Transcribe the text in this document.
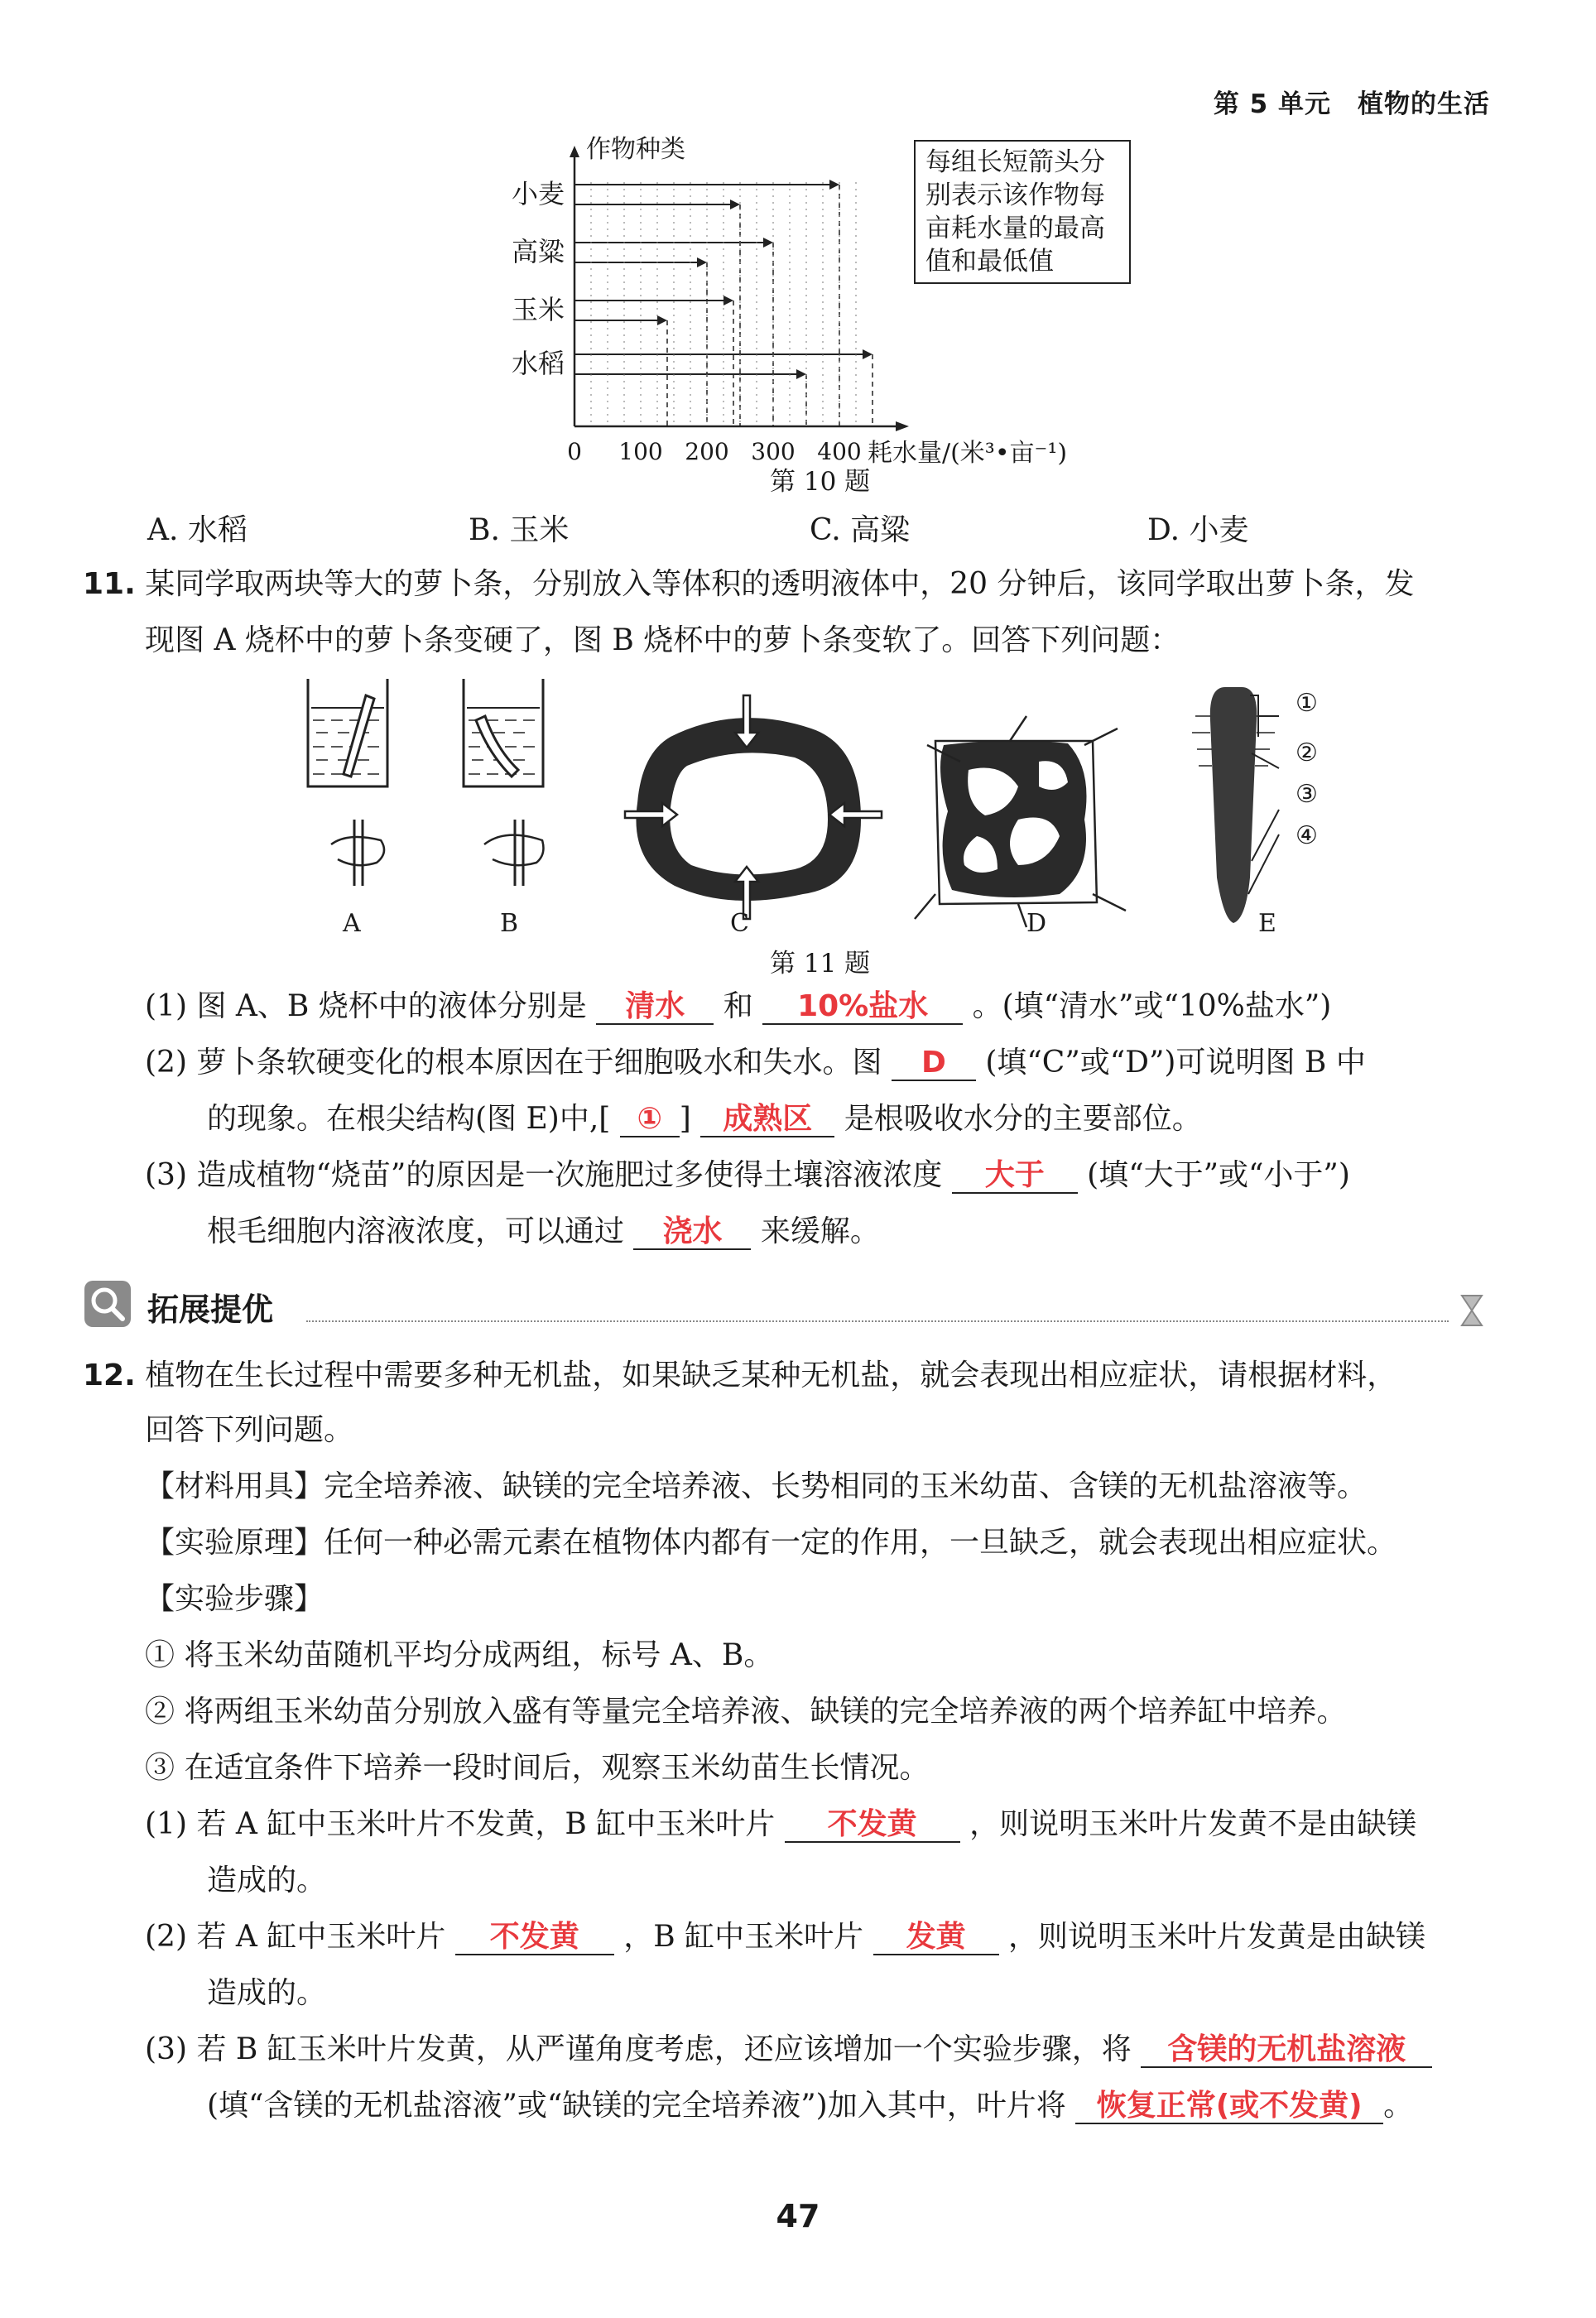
第 5 单元　植物的生活
作物种类
耗水量/(米³•亩⁻¹)
0 100 200 300 400
小麦
高粱
玉米
水稻
每组长短箭头分
别表示该作物每
亩耗水量的最高
值和最低值
第 10 题
A. 水稻	B. 玉米	C. 高粱	D. 小麦
11. 某同学取两块等大的萝卜条，分别放入等体积的透明液体中，20 分钟后，该同学取出萝卜条，发
现图 A 烧杯中的萝卜条变硬了，图 B 烧杯中的萝卜条变软了。回答下列问题：
①
②
③
④
A	B	C	D	E
第 11 题
(1) 图 A、B 烧杯中的液体分别是 清水 和 10%盐水 。(填“清水”或“10%盐水”)
(2) 萝卜条软硬变化的根本原因在于细胞吸水和失水。图 D (填“C”或“D”)可说明图 B 中
的现象。在根尖结构(图 E)中,[ ① ] 成熟区 是根吸收水分的主要部位。
(3) 造成植物“烧苗”的原因是一次施肥过多使得土壤溶液浓度 大于 (填“大于”或“小于”)
根毛细胞内溶液浓度，可以通过 浇水 来缓解。
拓展提优
12. 植物在生长过程中需要多种无机盐，如果缺乏某种无机盐，就会表现出相应症状，请根据材料，
回答下列问题。
【材料用具】完全培养液、缺镁的完全培养液、长势相同的玉米幼苗、含镁的无机盐溶液等。
【实验原理】任何一种必需元素在植物体内都有一定的作用，一旦缺乏，就会表现出相应症状。
【实验步骤】
① 将玉米幼苗随机平均分成两组，标号 A、B。
② 将两组玉米幼苗分别放入盛有等量完全培养液、缺镁的完全培养液的两个培养缸中培养。
③ 在适宜条件下培养一段时间后，观察玉米幼苗生长情况。
(1) 若 A 缸中玉米叶片不发黄，B 缸中玉米叶片 不发黄 ，则说明玉米叶片发黄不是由缺镁
造成的。
(2) 若 A 缸中玉米叶片 不发黄 ，B 缸中玉米叶片 发黄 ，则说明玉米叶片发黄是由缺镁
造成的。
(3) 若 B 缸玉米叶片发黄，从严谨角度考虑，还应该增加一个实验步骤，将 含镁的无机盐溶液
(填“含镁的无机盐溶液”或“缺镁的完全培养液”)加入其中，叶片将 恢复正常(或不发黄) 。
47
